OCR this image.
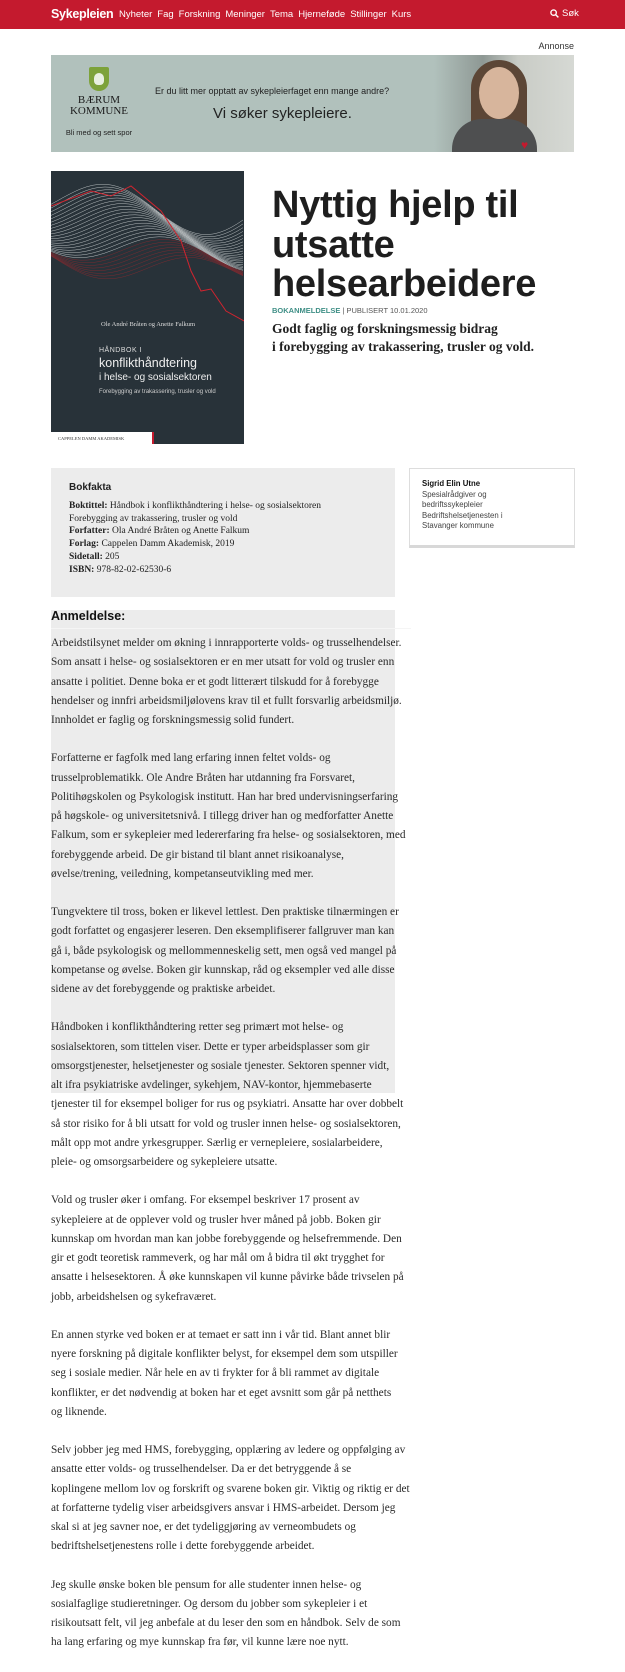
Sykepleien Nyheter Fag Forskning Meninger Tema Hjerneføde Stillinger Kurs	Søk
Annonse
BÆRUM
KOMMUNE
Bli med og sett spor
Er du litt mer opptatt av sykepleierfaget enn mange andre?
Vi søker sykepleiere.
♥
Ole André Bråten og Anette Falkum
HÅNDBOK I
konflikthåndtering
i helse- og sosialsektoren
Forebygging av trakassering, trusler og vold
CAPPELEN DAMM AKADEMISK
Nyttig hjelp til
utsatte
helsearbeidere
BOKANMELDELSE | PUBLISERT 10.01.2020
Godt faglig og forskningsmessig bidrag
i forebygging av trakassering, trusler og vold.
Bokfakta
Boktittel: Håndbok i konflikthåndtering i helse- og sosialsektoren
Forebygging av trakassering, trusler og vold
Forfatter: Ola André Bråten og Anette Falkum
Forlag: Cappelen Damm Akademisk, 2019
Sidetall: 205
ISBN: 978-82-02-62530-6
Sigrid Elin Utne
Spesialrådgiver og
bedriftssykepleier
Bedriftshelsetjenesten i
Stavanger kommune
Anmeldelse:
Arbeidstilsynet melder om økning i innrapporterte volds- og trusselhendelser.
Som ansatt i helse- og sosialsektoren er en mer utsatt for vold og trusler enn
ansatte i politiet. Denne boka er et godt litterært tilskudd for å forebygge
hendelser og innfri arbeidsmiljølovens krav til et fullt forsvarlig arbeidsmiljø.
Innholdet er faglig og forskningsmessig solid fundert.
Forfatterne er fagfolk med lang erfaring innen feltet volds- og
trusselproblematikk. Ole Andre Bråten har utdanning fra Forsvaret,
Politihøgskolen og Psykologisk institutt. Han har bred undervisningserfaring
på høgskole- og universitetsnivå. I tillegg driver han og medforfatter Anette
Falkum, som er sykepleier med ledererfaring fra helse- og sosialsektoren, med
forebyggende arbeid. De gir bistand til blant annet risikoanalyse,
øvelse/trening, veiledning, kompetanseutvikling med mer.
Tungvektere til tross, boken er likevel lettlest. Den praktiske tilnærmingen er
godt forfattet og engasjerer leseren. Den eksemplifiserer fallgruver man kan
gå i, både psykologisk og mellommenneskelig sett, men også ved mangel på
kompetanse og øvelse. Boken gir kunnskap, råd og eksempler ved alle disse
sidene av det forebyggende og praktiske arbeidet.
Håndboken i konflikthåndtering retter seg primært mot helse- og
sosialsektoren, som tittelen viser. Dette er typer arbeidsplasser som gir
omsorgstjenester, helsetjenester og sosiale tjenester. Sektoren spenner vidt,
alt ifra psykiatriske avdelinger, sykehjem, NAV-kontor, hjemmebaserte
tjenester til for eksempel boliger for rus og psykiatri. Ansatte har over dobbelt
så stor risiko for å bli utsatt for vold og trusler innen helse- og sosialsektoren,
målt opp mot andre yrkesgrupper. Særlig er vernepleiere, sosialarbeidere,
pleie- og omsorgsarbeidere og sykepleiere utsatte.
Vold og trusler øker i omfang. For eksempel beskriver 17 prosent av
sykepleiere at de opplever vold og trusler hver måned på jobb. Boken gir
kunnskap om hvordan man kan jobbe forebyggende og helsefremmende. Den
gir et godt teoretisk rammeverk, og har mål om å bidra til økt trygghet for
ansatte i helsesektoren. Å øke kunnskapen vil kunne påvirke både trivselen på
jobb, arbeidshelsen og sykefraværet.
En annen styrke ved boken er at temaet er satt inn i vår tid. Blant annet blir
nyere forskning på digitale konflikter belyst, for eksempel dem som utspiller
seg i sosiale medier. Når hele en av ti frykter for å bli rammet av digitale
konflikter, er det nødvendig at boken har et eget avsnitt som går på netthets
og liknende.
Selv jobber jeg med HMS, forebygging, opplæring av ledere og oppfølging av
ansatte etter volds- og trusselhendelser. Da er det betryggende å se
koplingene mellom lov og forskrift og svarene boken gir. Viktig og riktig er det
at forfatterne tydelig viser arbeidsgivers ansvar i HMS-arbeidet. Dersom jeg
skal si at jeg savner noe, er det tydeliggjøring av verneombudets og
bedriftshelsetjenestens rolle i dette forebyggende arbeidet.
Jeg skulle ønske boken ble pensum for alle studenter innen helse- og
sosialfaglige studieretninger. Og dersom du jobber som sykepleier i et
risikoutsatt felt, vil jeg anbefale at du leser den som en håndbok. Selv de som
ha lang erfaring og mye kunnskap fra før, vil kunne lære noe nytt.
